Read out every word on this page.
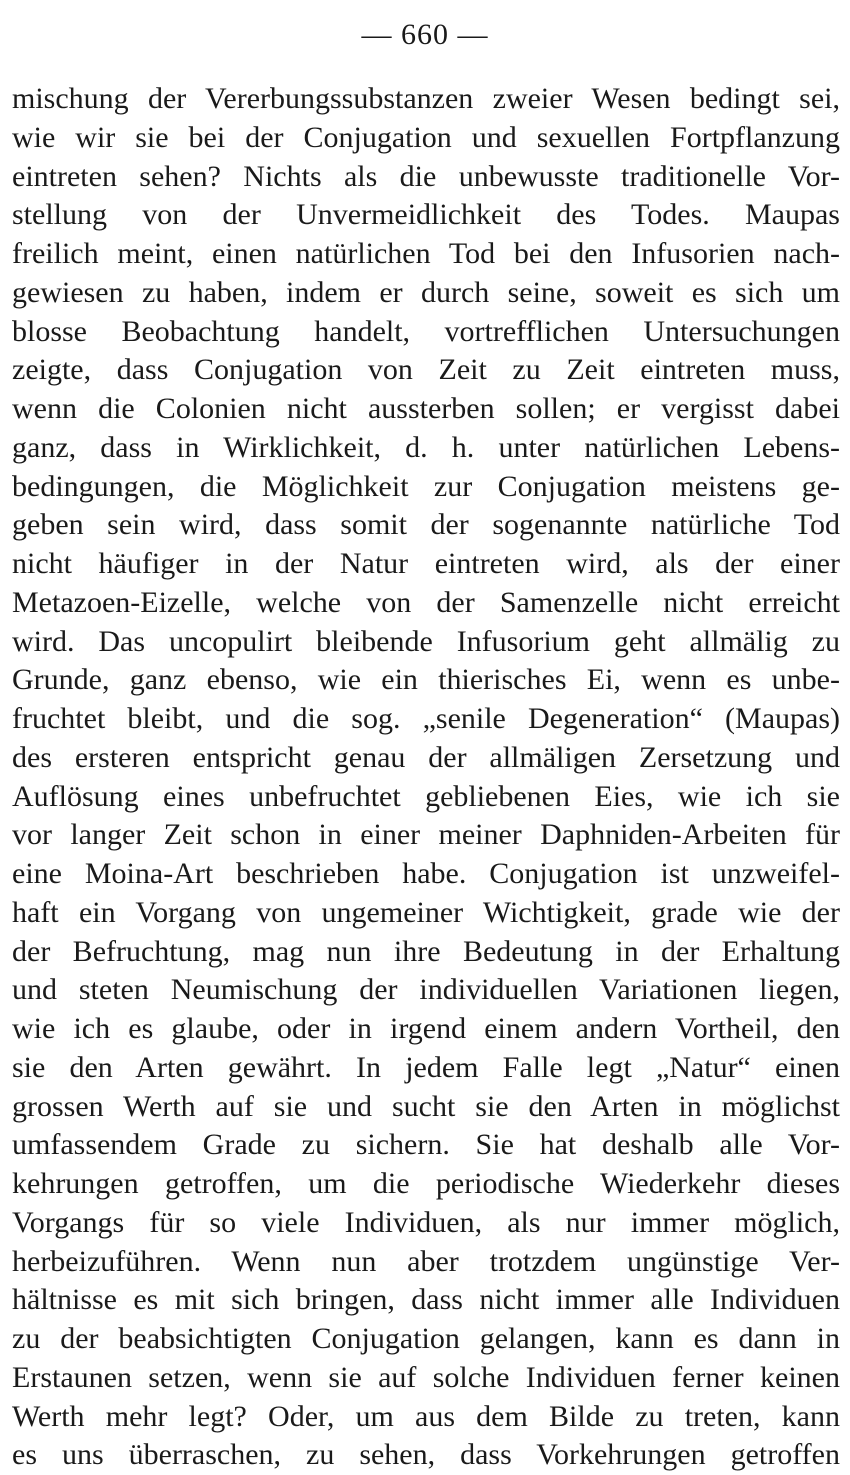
— 660 —
mischung der Vererbungssubstanzen zweier Wesen bedingt sei,
wie wir sie bei der Conjugation und sexuellen Fortpflanzung
eintreten sehen? Nichts als die unbewusste traditionelle Vor-
stellung von der Unvermeidlichkeit des Todes. Maupas
freilich meint, einen natürlichen Tod bei den Infusorien nach-
gewiesen zu haben, indem er durch seine, soweit es sich um
blosse Beobachtung handelt, vortrefflichen Untersuchungen
zeigte, dass Conjugation von Zeit zu Zeit eintreten muss,
wenn die Colonien nicht aussterben sollen; er vergisst dabei
ganz, dass in Wirklichkeit, d. h. unter natürlichen Lebens-
bedingungen, die Möglichkeit zur Conjugation meistens ge-
geben sein wird, dass somit der sogenannte natürliche Tod
nicht häufiger in der Natur eintreten wird, als der einer
Metazoen-Eizelle, welche von der Samenzelle nicht erreicht
wird. Das uncopulirt bleibende Infusorium geht allmälig zu
Grunde, ganz ebenso, wie ein thierisches Ei, wenn es unbe-
fruchtet bleibt, und die sog. „senile Degeneration“ (Maupas)
des ersteren entspricht genau der allmäligen Zersetzung und
Auflösung eines unbefruchtet gebliebenen Eies, wie ich sie
vor langer Zeit schon in einer meiner Daphniden-Arbeiten für
eine Moina-Art beschrieben habe. Conjugation ist unzweifel-
haft ein Vorgang von ungemeiner Wichtigkeit, grade wie der
der Befruchtung, mag nun ihre Bedeutung in der Erhaltung
und steten Neumischung der individuellen Variationen liegen,
wie ich es glaube, oder in irgend einem andern Vortheil, den
sie den Arten gewährt. In jedem Falle legt „Natur“ einen
grossen Werth auf sie und sucht sie den Arten in möglichst
umfassendem Grade zu sichern. Sie hat deshalb alle Vor-
kehrungen getroffen, um die periodische Wiederkehr dieses
Vorgangs für so viele Individuen, als nur immer möglich,
herbeizuführen. Wenn nun aber trotzdem ungünstige Ver-
hältnisse es mit sich bringen, dass nicht immer alle Individuen
zu der beabsichtigten Conjugation gelangen, kann es dann in
Erstaunen setzen, wenn sie auf solche Individuen ferner keinen
Werth mehr legt? Oder, um aus dem Bilde zu treten, kann
es uns überraschen, zu sehen, dass Vorkehrungen getroffen
